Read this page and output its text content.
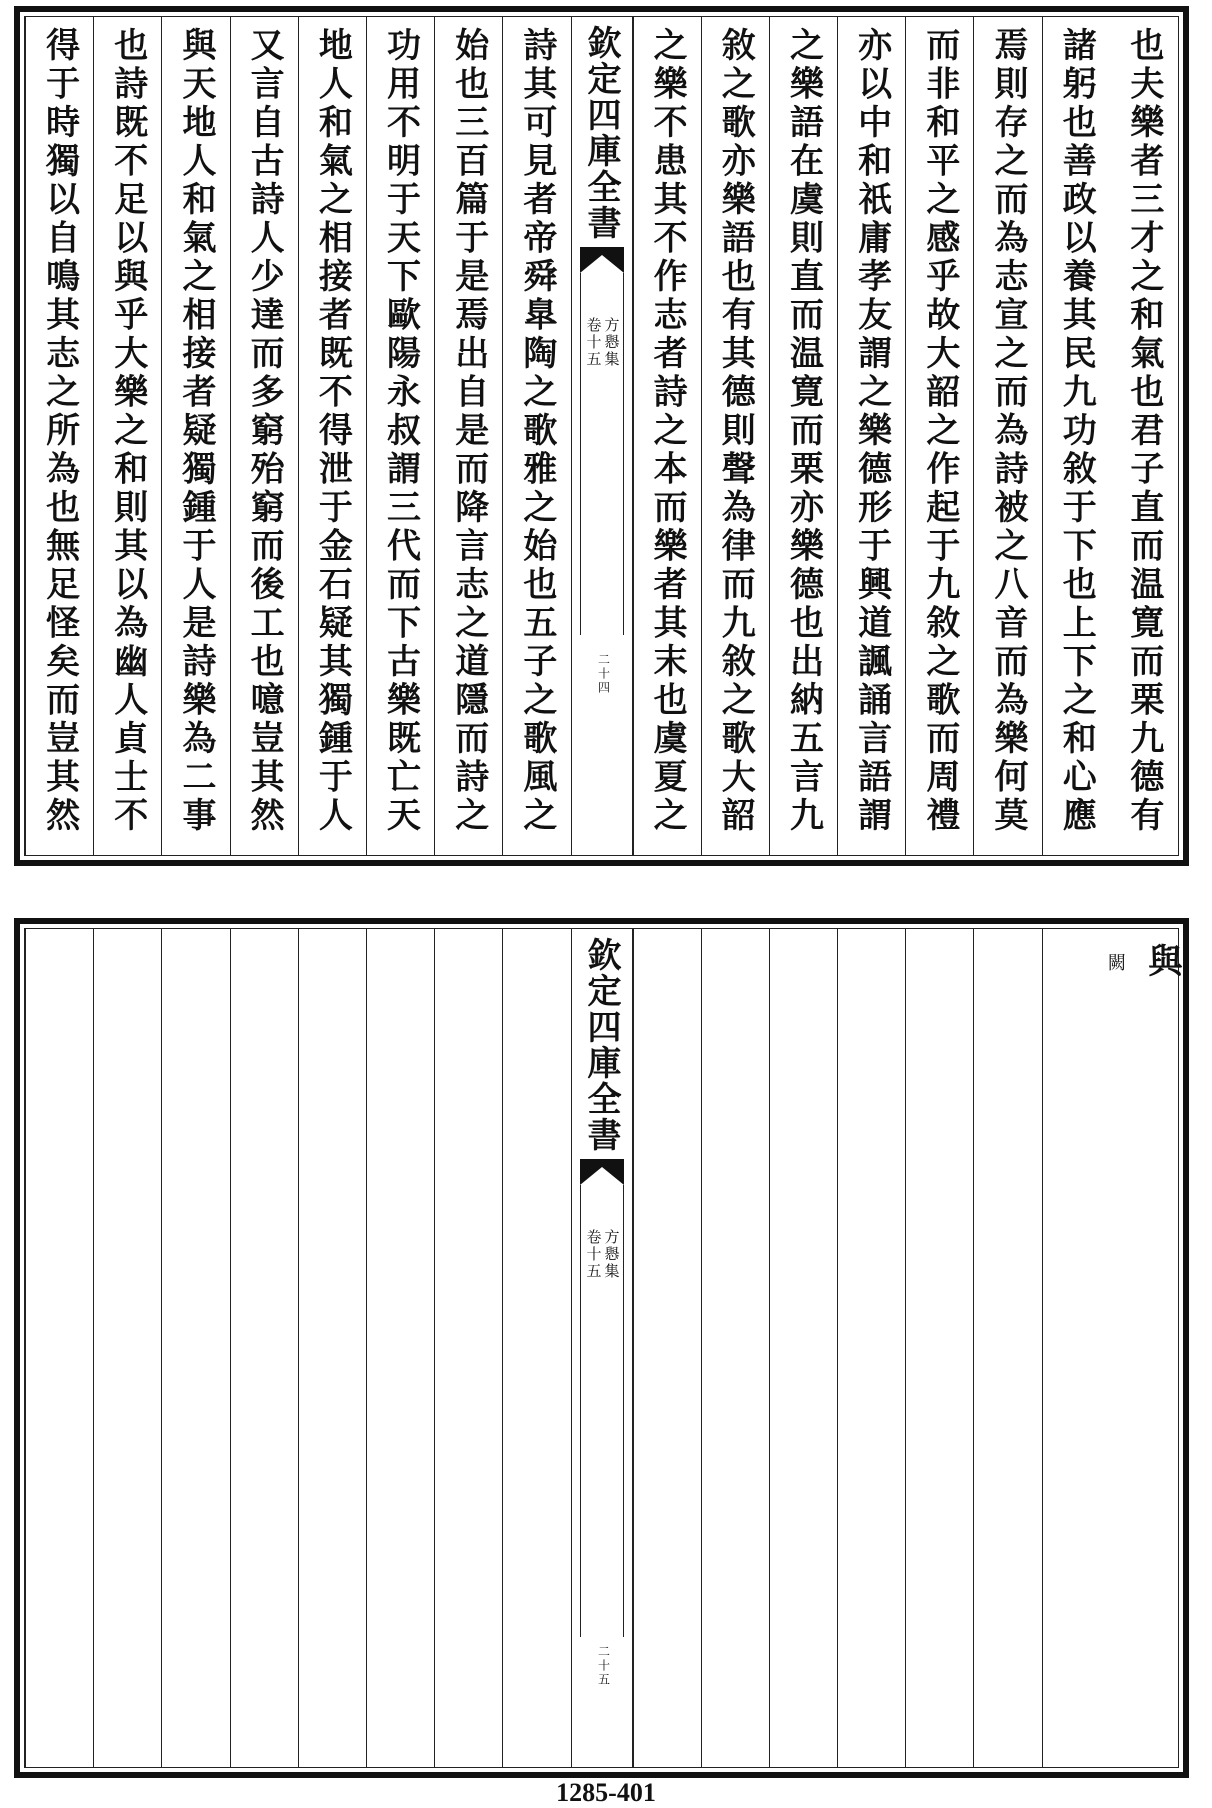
也夫樂者三才之和氣也君子直而温寛而栗九德有
諸躬也善政以養其民九功敘于下也上下之和心應
焉則存之而為志宣之而為詩被之八音而為樂何莫
而非和平之感乎故大韶之作起于九敘之歌而周禮
亦以中和祇庸孝友謂之樂德形于興道諷誦言語謂
之樂語在虞則直而温寛而栗亦樂德也出納五言九
敘之歌亦樂語也有其德則聲為律而九敘之歌大韶
之樂不患其不作志者詩之本而樂者其末也虞夏之
詩其可見者帝舜臯陶之歌雅之始也五子之歌風之
始也三百篇于是焉出自是而降言志之道隱而詩之
功用不明于天下歐陽永叔謂三代而下古樂既亡天
地人和氣之相接者既不得泄于金石疑其獨鍾于人
又言自古詩人少達而多窮殆窮而後工也噫豈其然
與天地人和氣之相接者疑獨鍾于人是詩樂為二事
也詩既不足以與乎大樂之和則其以為幽人貞士不
得于時獨以自鳴其志之所為也無足怪矣而豈其然	欽定四庫全書
方㦛集
卷十五
二十四
與
闕
欽定四庫全書
方㦛集
卷十五
二十五
1285-401
